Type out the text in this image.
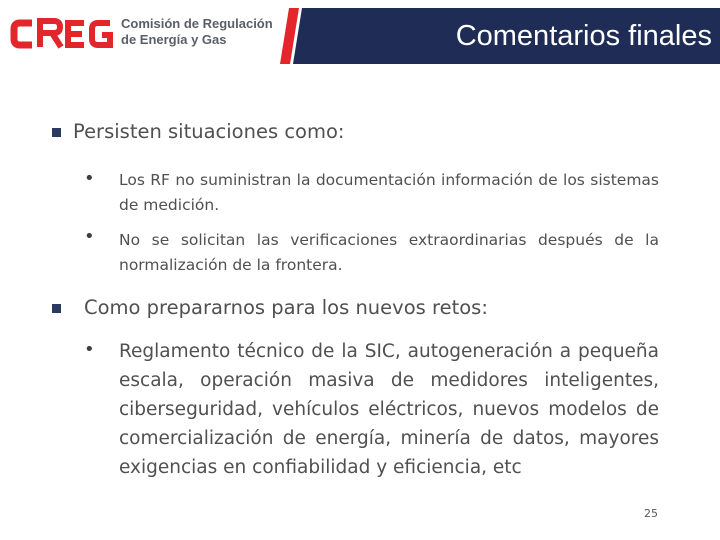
Comisión de Regulación
de Energía y Gas	Comentarios finales
Persisten situaciones como:
• Los RF no suministran la documentación información de los sistemas de medición.

• No se solicitan las verificaciones extraordinarias después de la normalización de la frontera.

Como prepararnos para los nuevos retos:
• Reglamento técnico de la SIC, autogeneración a pequeña escala, operación masiva de medidores inteligentes, ciberseguridad, vehículos eléctricos, nuevos modelos de comercialización de energía, minería de datos, mayores exigencias en confiabilidad y eficiencia, etc

25
